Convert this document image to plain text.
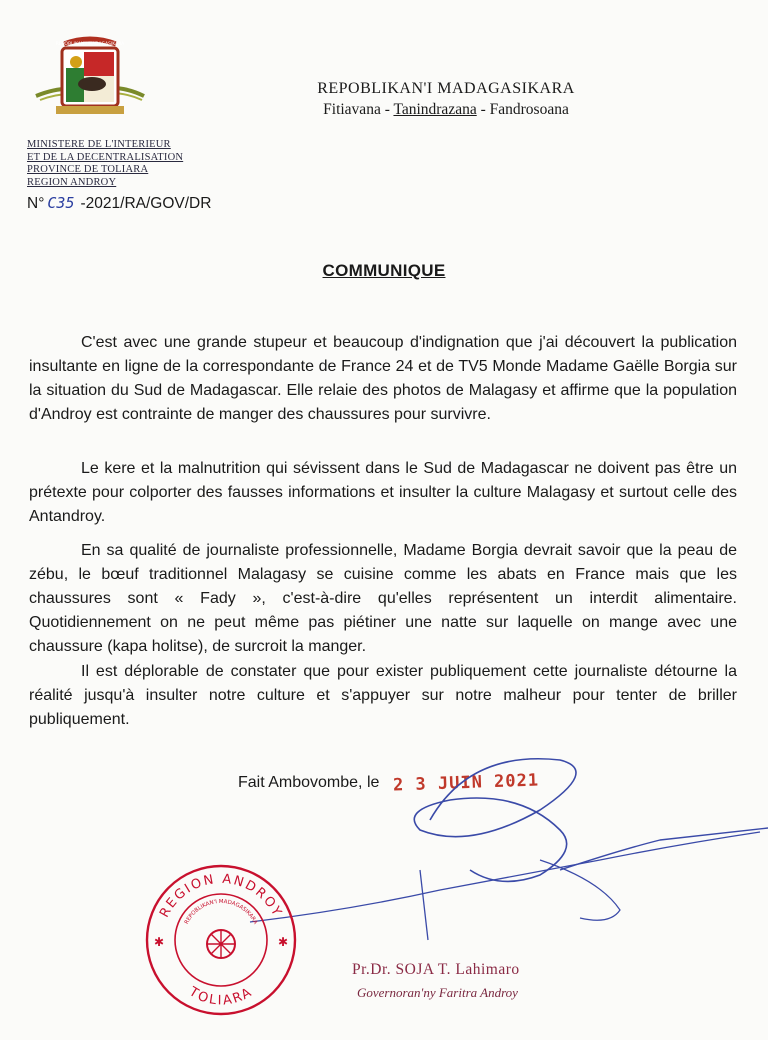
REPOBLIKAN'I MADAGASIKARA
REPOBLIKAN'I MADAGASIKARA
Fitiavana - Tanindrazana - Fandrosoana
MINISTERE DE L'INTERIEUR
ET DE LA DECENTRALISATION
PROVINCE DE TOLIARA
REGION ANDROY
N° C35 -2021/RA/GOV/DR
COMMUNIQUE

C'est avec une grande stupeur et beaucoup d'indignation que j'ai découvert la publication insultante en ligne de la correspondante de France 24 et de TV5 Monde Madame Gaëlle Borgia sur la situation du Sud de Madagascar. Elle relaie des photos de Malagasy et affirme que la population d'Androy est contrainte de manger des chaussures pour survivre.

Le kere et la malnutrition qui sévissent dans le Sud de Madagascar ne doivent pas être un prétexte pour colporter des fausses informations et insulter la culture Malagasy et surtout celle des Antandroy.

En sa qualité de journaliste professionnelle, Madame Borgia devrait savoir que la peau de zébu, le bœuf traditionnel Malagasy se cuisine comme les abats en France mais que les chaussures sont « Fady », c'est-à-dire qu'elles représentent un interdit alimentaire. Quotidiennement on ne peut même pas piétiner une natte sur laquelle on mange avec une chaussure (kapa holitse), de surcroit la manger.

Il est déplorable de constater que pour exister publiquement cette journaliste détourne la réalité jusqu'à insulter notre culture et s'appuyer sur notre malheur pour tenter de briller publiquement.

Fait Ambovombe, le 2 3 JUIN 2021
REGION ANDROY
REPOBLIKAN'I MADAGASIKARA
TOLIARA
✱	✱
Pr.Dr. SOJA T. Lahimaro
Governoran'ny Faritra Androy
